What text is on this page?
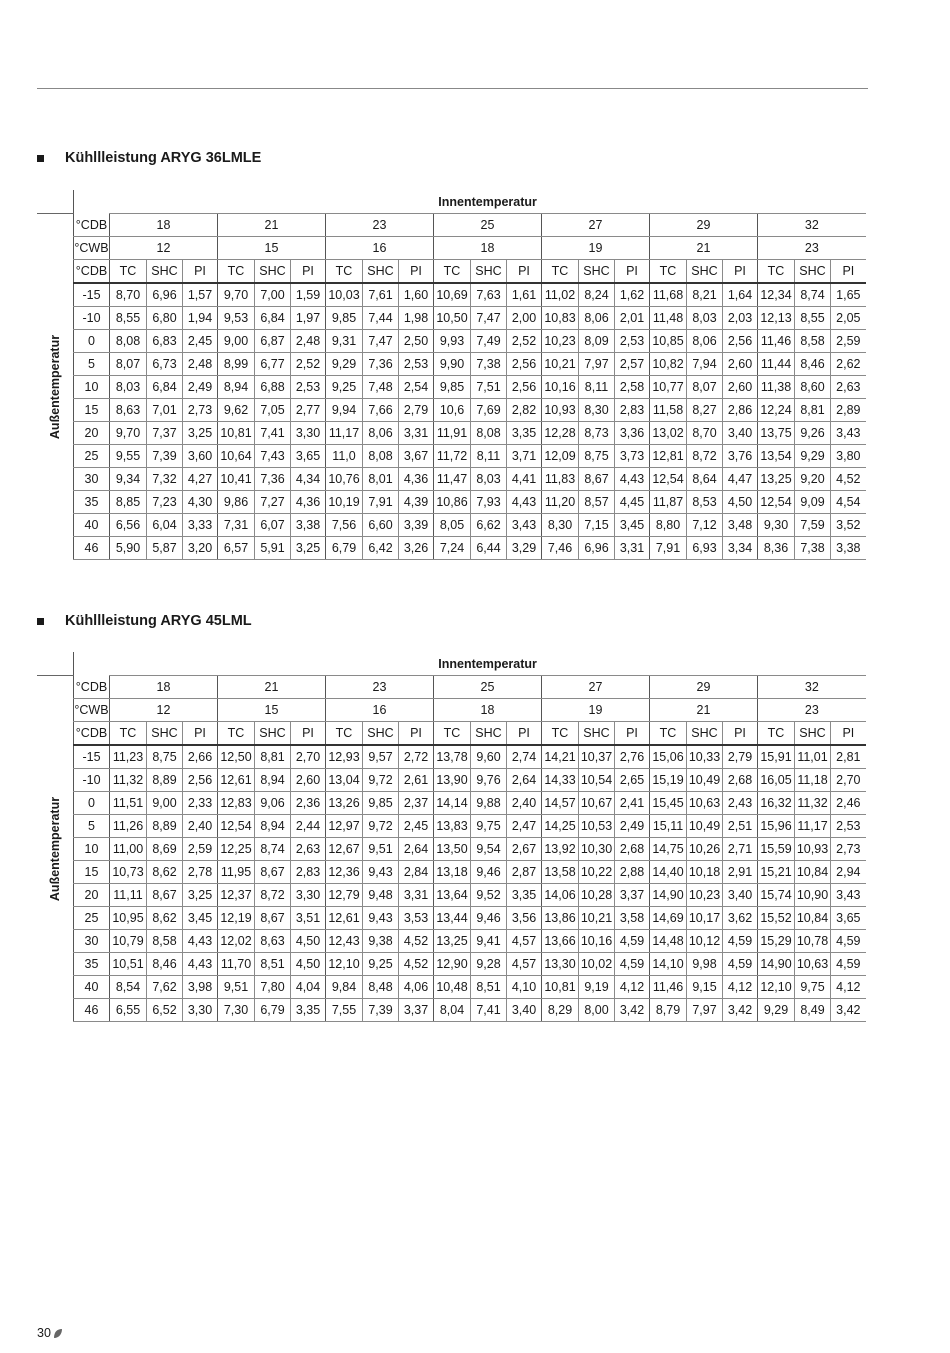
Kühllleistung ARYG 36LMLE
	Innentemperatur																				
°CDB	18			21			23			25			27			29			32		
°CWB	12			15			16			18			19			21			23		
°CDB	TC	SHC	PI	TC	SHC	PI	TC	SHC	PI	TC	SHC	PI	TC	SHC	PI	TC	SHC	PI	TC	SHC	PI
-15	8,70	6,96	1,57	9,70	7,00	1,59	10,03	7,61	1,60	10,69	7,63	1,61	11,02	8,24	1,62	11,68	8,21	1,64	12,34	8,74	1,65
-10	8,55	6,80	1,94	9,53	6,84	1,97	9,85	7,44	1,98	10,50	7,47	2,00	10,83	8,06	2,01	11,48	8,03	2,03	12,13	8,55	2,05
0	8,08	6,83	2,45	9,00	6,87	2,48	9,31	7,47	2,50	9,93	7,49	2,52	10,23	8,09	2,53	10,85	8,06	2,56	11,46	8,58	2,59
5	8,07	6,73	2,48	8,99	6,77	2,52	9,29	7,36	2,53	9,90	7,38	2,56	10,21	7,97	2,57	10,82	7,94	2,60	11,44	8,46	2,62
10	8,03	6,84	2,49	8,94	6,88	2,53	9,25	7,48	2,54	9,85	7,51	2,56	10,16	8,11	2,58	10,77	8,07	2,60	11,38	8,60	2,63
15	8,63	7,01	2,73	9,62	7,05	2,77	9,94	7,66	2,79	10,6	7,69	2,82	10,93	8,30	2,83	11,58	8,27	2,86	12,24	8,81	2,89
20	9,70	7,37	3,25	10,81	7,41	3,30	11,17	8,06	3,31	11,91	8,08	3,35	12,28	8,73	3,36	13,02	8,70	3,40	13,75	9,26	3,43
25	9,55	7,39	3,60	10,64	7,43	3,65	11,0	8,08	3,67	11,72	8,11	3,71	12,09	8,75	3,73	12,81	8,72	3,76	13,54	9,29	3,80
30	9,34	7,32	4,27	10,41	7,36	4,34	10,76	8,01	4,36	11,47	8,03	4,41	11,83	8,67	4,43	12,54	8,64	4,47	13,25	9,20	4,52
35	8,85	7,23	4,30	9,86	7,27	4,36	10,19	7,91	4,39	10,86	7,93	4,43	11,20	8,57	4,45	11,87	8,53	4,50	12,54	9,09	4,54
40	6,56	6,04	3,33	7,31	6,07	3,38	7,56	6,60	3,39	8,05	6,62	3,43	8,30	7,15	3,45	8,80	7,12	3,48	9,30	7,59	3,52
46	5,90	5,87	3,20	6,57	5,91	3,25	6,79	6,42	3,26	7,24	6,44	3,29	7,46	6,96	3,31	7,91	6,93	3,34	8,36	7,38	3,38
Außentemperatur
Kühllleistung ARYG 45LML
	Innentemperatur																				
°CDB	18			21			23			25			27			29			32		
°CWB	12			15			16			18			19			21			23		
°CDB	TC	SHC	PI	TC	SHC	PI	TC	SHC	PI	TC	SHC	PI	TC	SHC	PI	TC	SHC	PI	TC	SHC	PI
-15	11,23	8,75	2,66	12,50	8,81	2,70	12,93	9,57	2,72	13,78	9,60	2,74	14,21	10,37	2,76	15,06	10,33	2,79	15,91	11,01	2,81
-10	11,32	8,89	2,56	12,61	8,94	2,60	13,04	9,72	2,61	13,90	9,76	2,64	14,33	10,54	2,65	15,19	10,49	2,68	16,05	11,18	2,70
0	11,51	9,00	2,33	12,83	9,06	2,36	13,26	9,85	2,37	14,14	9,88	2,40	14,57	10,67	2,41	15,45	10,63	2,43	16,32	11,32	2,46
5	11,26	8,89	2,40	12,54	8,94	2,44	12,97	9,72	2,45	13,83	9,75	2,47	14,25	10,53	2,49	15,11	10,49	2,51	15,96	11,17	2,53
10	11,00	8,69	2,59	12,25	8,74	2,63	12,67	9,51	2,64	13,50	9,54	2,67	13,92	10,30	2,68	14,75	10,26	2,71	15,59	10,93	2,73
15	10,73	8,62	2,78	11,95	8,67	2,83	12,36	9,43	2,84	13,18	9,46	2,87	13,58	10,22	2,88	14,40	10,18	2,91	15,21	10,84	2,94
20	11,11	8,67	3,25	12,37	8,72	3,30	12,79	9,48	3,31	13,64	9,52	3,35	14,06	10,28	3,37	14,90	10,23	3,40	15,74	10,90	3,43
25	10,95	8,62	3,45	12,19	8,67	3,51	12,61	9,43	3,53	13,44	9,46	3,56	13,86	10,21	3,58	14,69	10,17	3,62	15,52	10,84	3,65
30	10,79	8,58	4,43	12,02	8,63	4,50	12,43	9,38	4,52	13,25	9,41	4,57	13,66	10,16	4,59	14,48	10,12	4,59	15,29	10,78	4,59
35	10,51	8,46	4,43	11,70	8,51	4,50	12,10	9,25	4,52	12,90	9,28	4,57	13,30	10,02	4,59	14,10	9,98	4,59	14,90	10,63	4,59
40	8,54	7,62	3,98	9,51	7,80	4,04	9,84	8,48	4,06	10,48	8,51	4,10	10,81	9,19	4,12	11,46	9,15	4,12	12,10	9,75	4,12
46	6,55	6,52	3,30	7,30	6,79	3,35	7,55	7,39	3,37	8,04	7,41	3,40	8,29	8,00	3,42	8,79	7,97	3,42	9,29	8,49	3,42
Außentemperatur
30
